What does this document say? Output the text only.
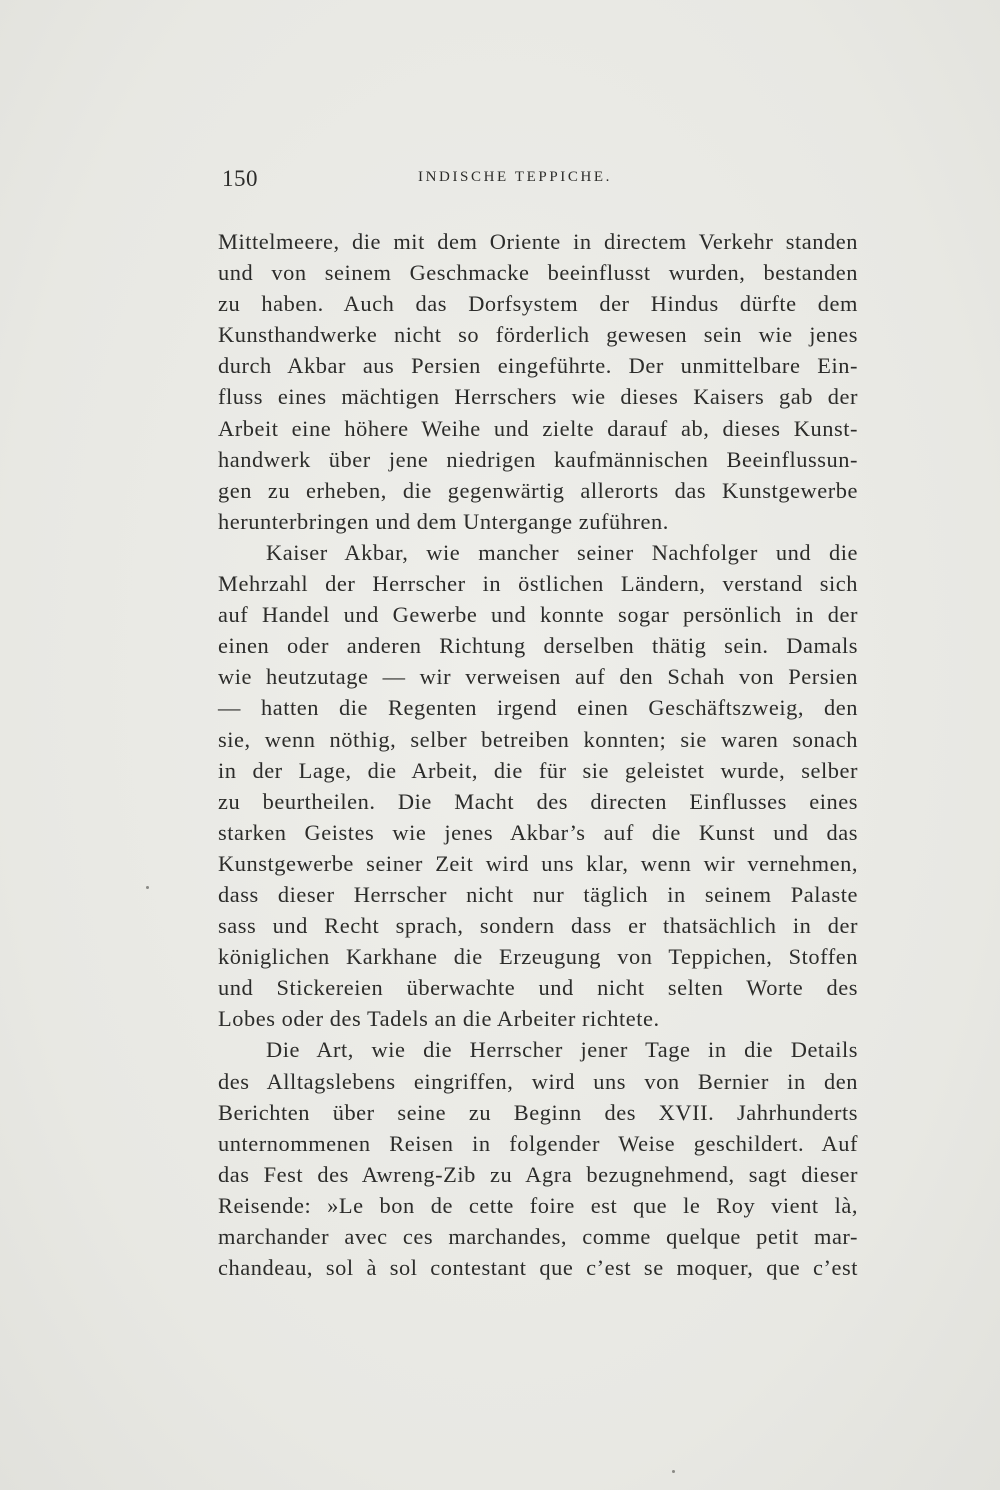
150	INDISCHE TEPPICHE.
Mittelmeere, die mit dem Oriente in directem Verkehr standen
und von seinem Geschmacke beeinflusst wurden, bestanden
zu haben. Auch das Dorfsystem der Hindus dürfte dem
Kunsthandwerke nicht so förderlich gewesen sein wie jenes
durch Akbar aus Persien eingeführte. Der unmittelbare Ein-
fluss eines mächtigen Herrschers wie dieses Kaisers gab der
Arbeit eine höhere Weihe und zielte darauf ab, dieses Kunst-
handwerk über jene niedrigen kaufmännischen Beeinflussun-
gen zu erheben, die gegenwärtig allerorts das Kunstgewerbe
herunterbringen und dem Untergange zuführen.
Kaiser Akbar, wie mancher seiner Nachfolger und die
Mehrzahl der Herrscher in östlichen Ländern, verstand sich
auf Handel und Gewerbe und konnte sogar persönlich in der
einen oder anderen Richtung derselben thätig sein. Damals
wie heutzutage — wir verweisen auf den Schah von Persien
— hatten die Regenten irgend einen Geschäftszweig, den
sie, wenn nöthig, selber betreiben konnten; sie waren sonach
in der Lage, die Arbeit, die für sie geleistet wurde, selber
zu beurtheilen. Die Macht des directen Einflusses eines
starken Geistes wie jenes Akbar’s auf die Kunst und das
Kunstgewerbe seiner Zeit wird uns klar, wenn wir vernehmen,
dass dieser Herrscher nicht nur täglich in seinem Palaste
sass und Recht sprach, sondern dass er thatsächlich in der
königlichen Karkhane die Erzeugung von Teppichen, Stoffen
und Stickereien überwachte und nicht selten Worte des
Lobes oder des Tadels an die Arbeiter richtete.
Die Art, wie die Herrscher jener Tage in die Details
des Alltagslebens eingriffen, wird uns von Bernier in den
Berichten über seine zu Beginn des XVII. Jahrhunderts
unternommenen Reisen in folgender Weise geschildert. Auf
das Fest des Awreng-Zib zu Agra bezugnehmend, sagt dieser
Reisende: »Le bon de cette foire est que le Roy vient là,
marchander avec ces marchandes, comme quelque petit mar-
chandeau, sol à sol contestant que c’est se moquer, que c’est
